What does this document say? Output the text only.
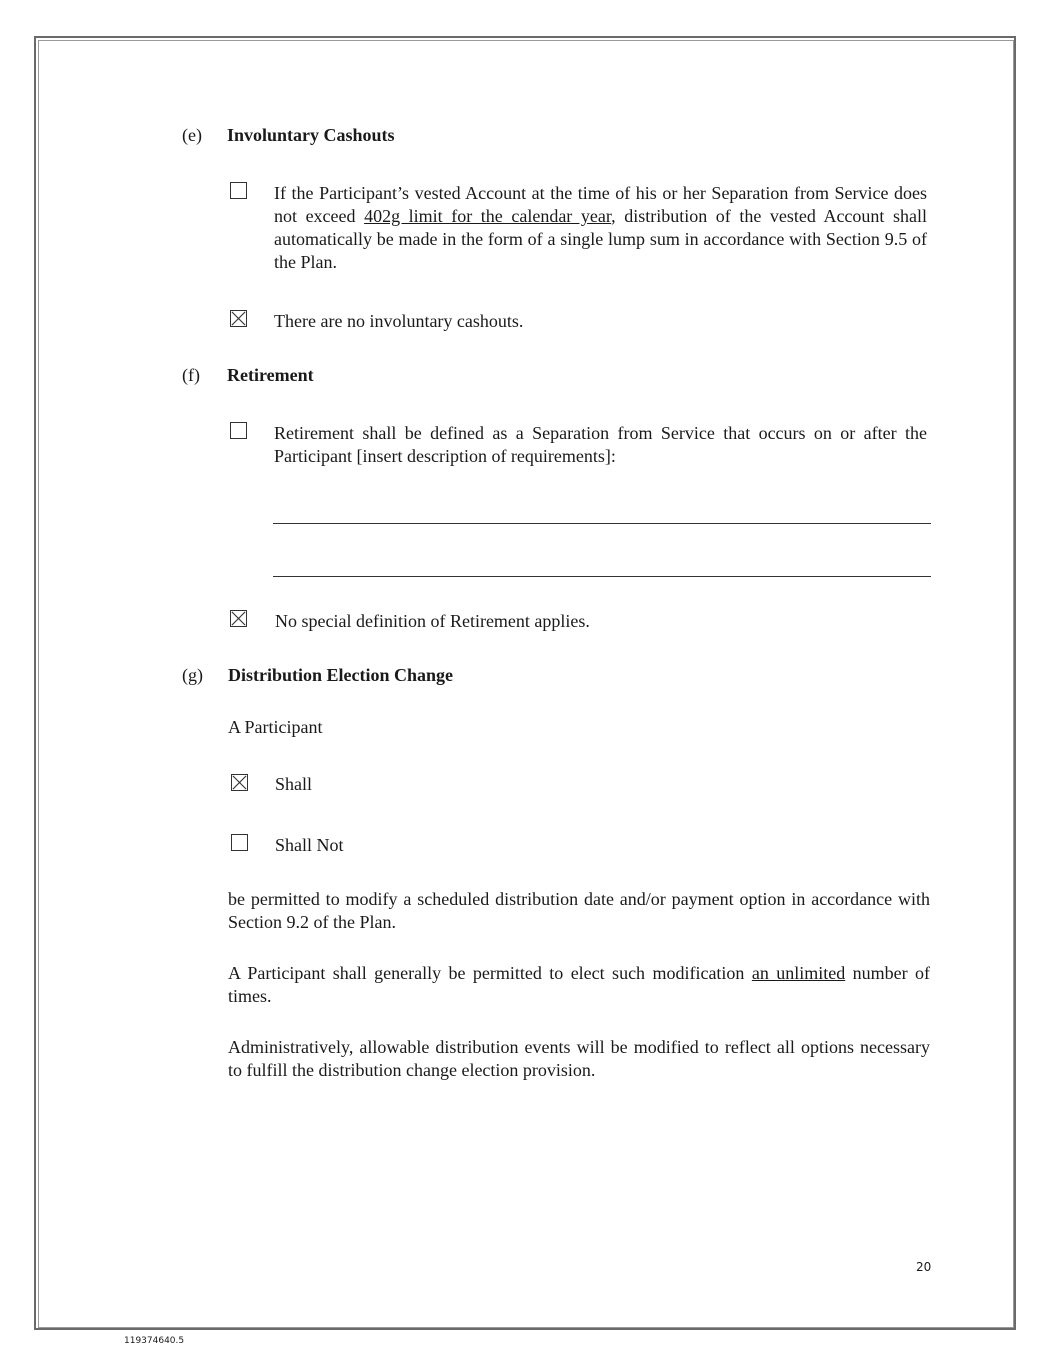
(e) Involuntary Cashouts
If the Participant’s vested Account at the time of his or her Separation from Service does not exceed 402g limit for the calendar year, distribution of the vested Account shall automatically be made in the form of a single lump sum in accordance with Section 9.5 of the Plan.
There are no involuntary cashouts.
(f) Retirement
Retirement shall be defined as a Separation from Service that occurs on or after the Participant [insert description of requirements]:
No special definition of Retirement applies.
(g) Distribution Election Change
A Participant
Shall
Shall Not
be permitted to modify a scheduled distribution date and/or payment option in accordance with Section 9.2 of the Plan.
A Participant shall generally be permitted to elect such modification an unlimited number of times.
Administratively, allowable distribution events will be modified to reflect all options necessary to fulfill the distribution change election provision.
20
119374640.5
